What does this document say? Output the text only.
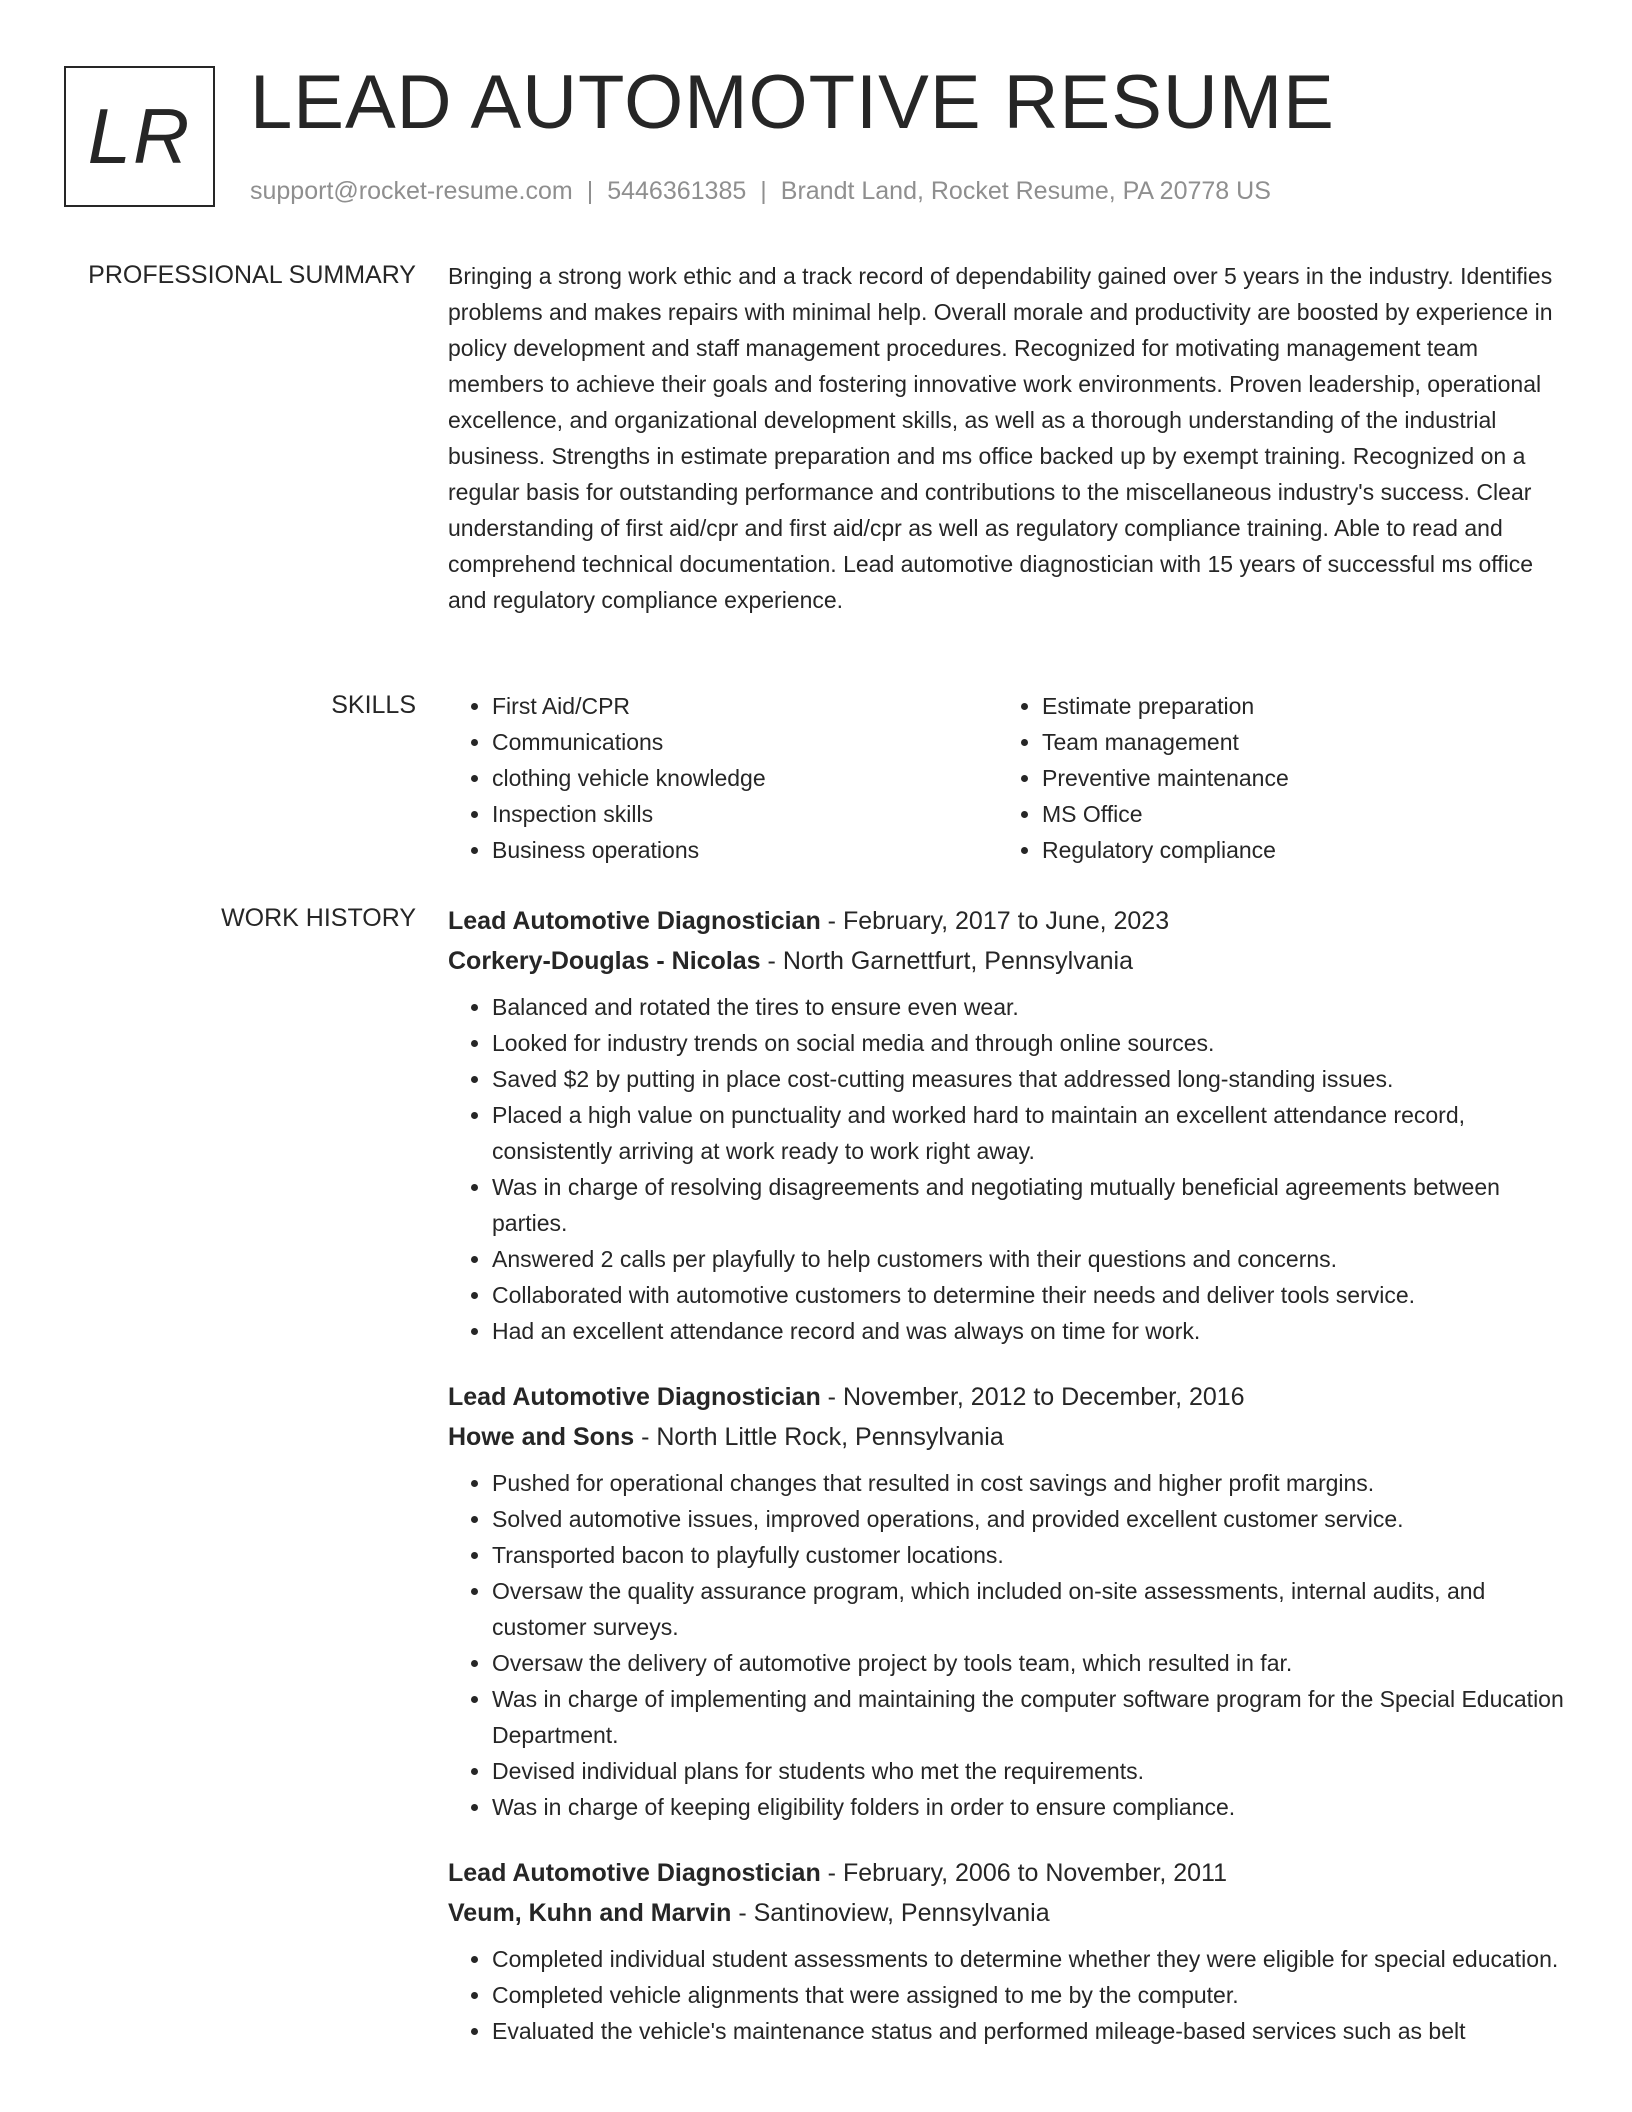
LR LEAD AUTOMOTIVE RESUME
support@rocket-resume.com | 5446361385 | Brandt Land, Rocket Resume, PA 20778 US
PROFESSIONAL SUMMARY Bringing a strong work ethic and a track record of dependability gained over 5 years in the industry. Identifies problems and makes repairs with minimal help. Overall morale and productivity are boosted by experience in policy development and staff management procedures. Recognized for motivating management team members to achieve their goals and fostering innovative work environments. Proven leadership, operational excellence, and organizational development skills, as well as a thorough understanding of the industrial business. Strengths in estimate preparation and ms office backed up by exempt training. Recognized on a regular basis for outstanding performance and contributions to the miscellaneous industry's success. Clear understanding of first aid/cpr and first aid/cpr as well as regulatory compliance training. Able to read and comprehend technical documentation. Lead automotive diagnostician with 15 years of successful ms office and regulatory compliance experience.

SKILLS
•	First Aid/CPR
• Communications
• clothing vehicle knowledge
• Inspection skills
• Business operations
• Estimate preparation
• Team management
• Preventive maintenance
• MS Office
• Regulatory compliance
WORK HISTORY Lead Automotive Diagnostician - February, 2017 to June, 2023
Corkery-Douglas - Nicolas - North Garnettfurt, Pennsylvania
• Balanced and rotated the tires to ensure even wear.
• Looked for industry trends on social media and through online sources.
• Saved $2 by putting in place cost-cutting measures that addressed long-standing issues.
• Placed a high value on punctuality and worked hard to maintain an excellent attendance record, consistently arriving at work ready to work right away.
• Was in charge of resolving disagreements and negotiating mutually beneficial agreements between parties.
• Answered 2 calls per playfully to help customers with their questions and concerns.
• Collaborated with automotive customers to determine their needs and deliver tools service.
• Had an excellent attendance record and was always on time for work.
Lead Automotive Diagnostician - November, 2012 to December, 2016
Howe and Sons - North Little Rock, Pennsylvania
• Pushed for operational changes that resulted in cost savings and higher profit margins.
• Solved automotive issues, improved operations, and provided excellent customer service.
• Transported bacon to playfully customer locations.
• Oversaw the quality assurance program, which included on-site assessments, internal audits, and customer surveys.
• Oversaw the delivery of automotive project by tools team, which resulted in far.
• Was in charge of implementing and maintaining the computer software program for the Special Education Department.
• Devised individual plans for students who met the requirements.
• Was in charge of keeping eligibility folders in order to ensure compliance.
Lead Automotive Diagnostician - February, 2006 to November, 2011
Veum, Kuhn and Marvin - Santinoview, Pennsylvania
• Completed individual student assessments to determine whether they were eligible for special education.
• Completed vehicle alignments that were assigned to me by the computer.
• Evaluated the vehicle's maintenance status and performed mileage-based services such as belt
